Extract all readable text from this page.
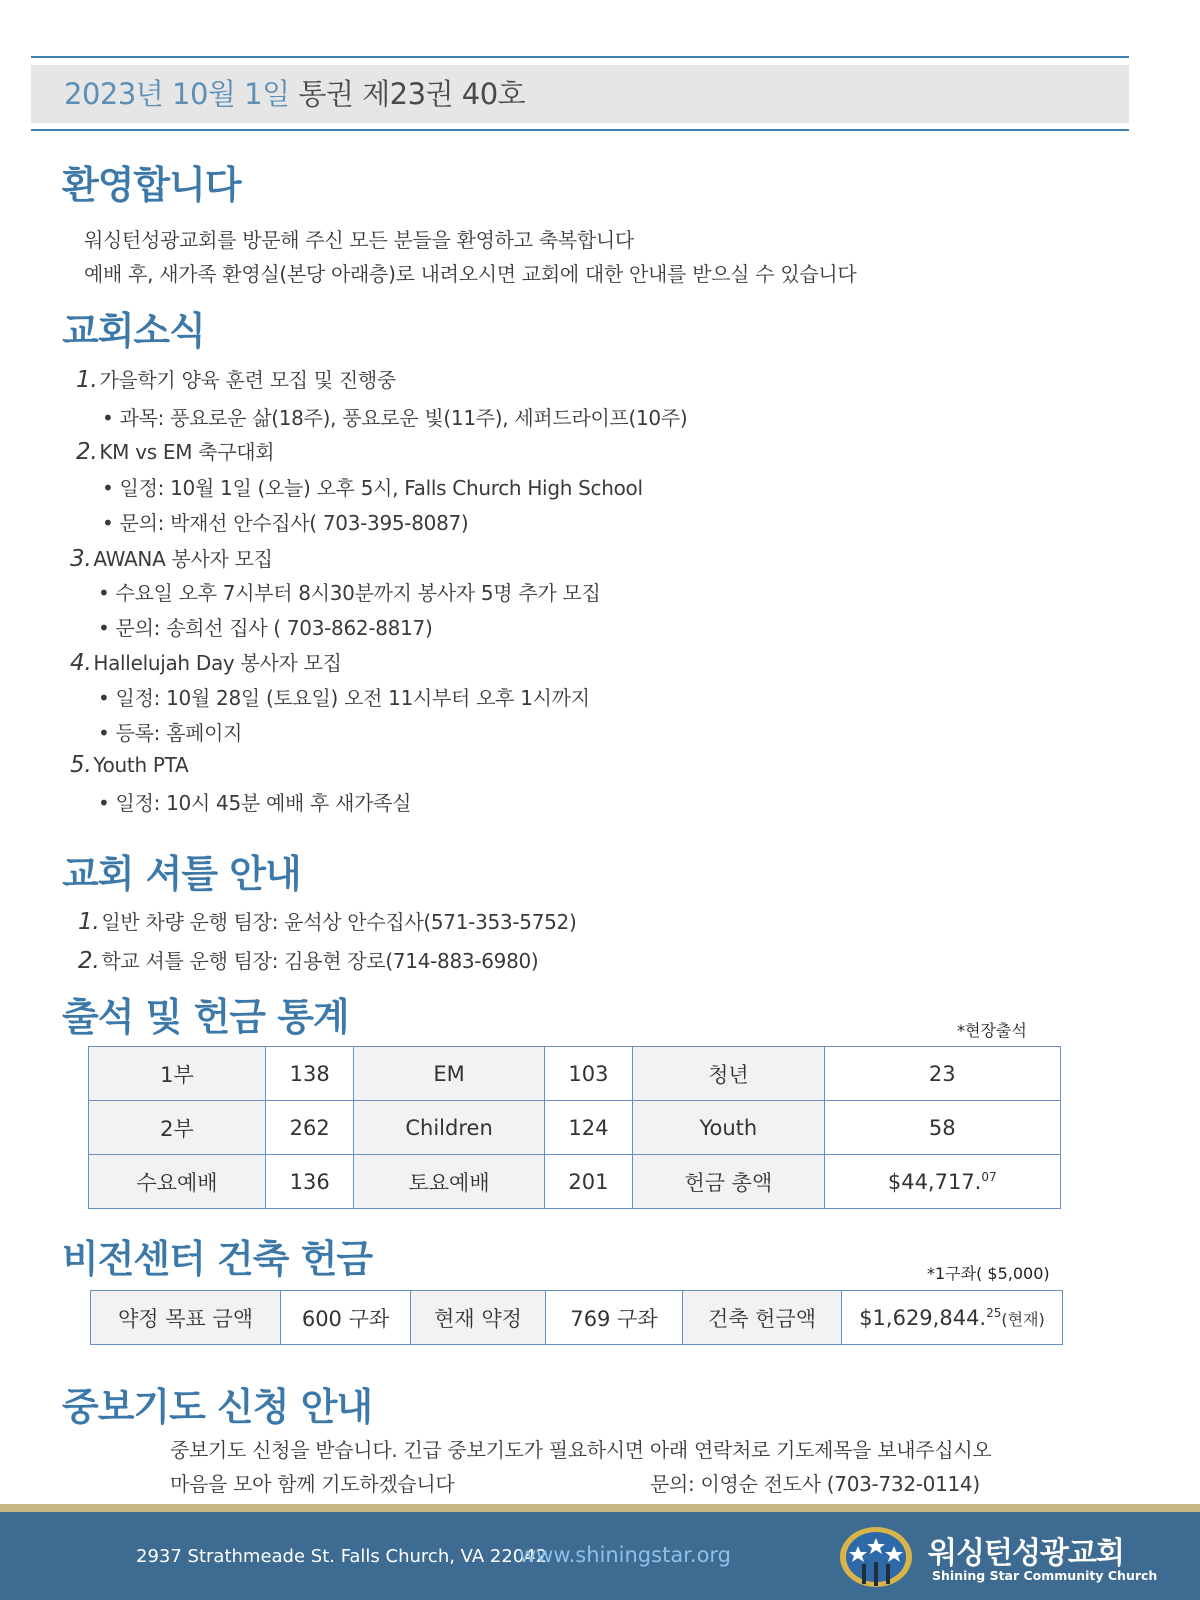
2023년 10월 1일 통권 제23권 40호
환영합니다
워싱턴성광교회를 방문해 주신 모든 분들을 환영하고 축복합니다
예배 후, 새가족 환영실(본당 아래층)로 내려오시면 교회에 대한 안내를 받으실 수 있습니다
교회소식
1. 가을학기 양육 훈련 모집 및 진행중
• 과목: 풍요로운 삶(18주), 풍요로운 빛(11주), 세퍼드라이프(10주)
2. KM vs EM 축구대회
• 일정: 10월 1일 (오늘) 오후 5시, Falls Church High School
• 문의: 박재선 안수집사( 703-395-8087)
3. AWANA 봉사자 모집
• 수요일 오후 7시부터 8시30분까지 봉사자 5명 추가 모집
• 문의: 송희선 집사 ( 703-862-8817)
4. Hallelujah Day 봉사자 모집
• 일정: 10월 28일 (토요일) 오전 11시부터 오후 1시까지
• 등록: 홈페이지
5. Youth PTA
• 일정: 10시 45분 예배 후 새가족실
교회 셔틀 안내
1. 일반 차량 운행 팀장: 윤석상 안수집사(571-353-5752)
2. 학교 셔틀 운행 팀장: 김용현 장로(714-883-6980)
출석 및 헌금 통계	*현장출석
1부	138	EM	103	청년	23
2부	262	Children	124	Youth	58
수요예배	136	토요예배	201	헌금 총액	$44,717.07
비전센터 건축 헌금	*1구좌( $5,000)
약정 목표 금액	600 구좌	현재 약정	769 구좌	건축 헌금액	$1,629,844.25(현재)
중보기도 신청 안내
중보기도 신청을 받습니다. 긴급 중보기도가 필요하시면 아래 연락처로 기도제목을 보내주십시오
마음을 모아 함께 기도하겠습니다	문의: 이영순 전도사 (703-732-0114)
2937 Strathmeade St. Falls Church, VA 22042
www.shiningstar.org	워싱턴성광교회
Shining Star Community Church
